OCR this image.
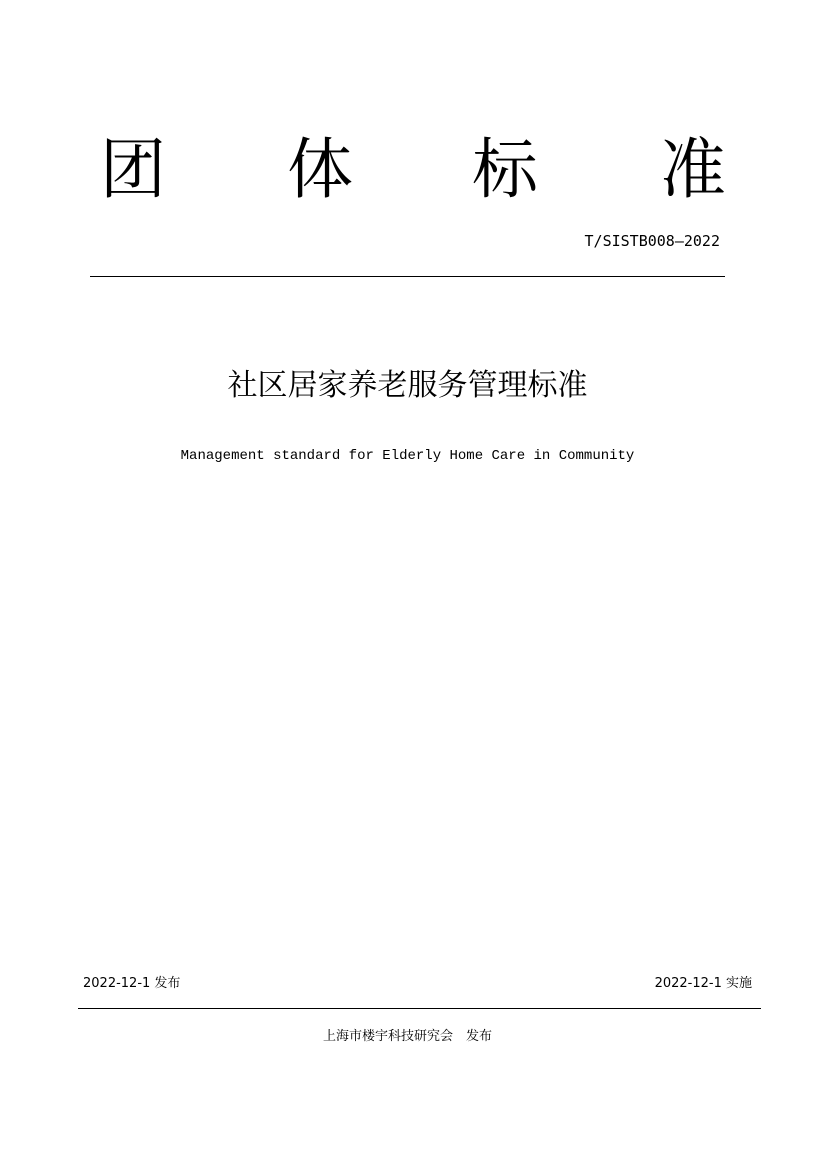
团 体 标 准
T/SISTB008—2022
社区居家养老服务管理标准
Management standard for Elderly Home Care in Community
2022-12-1 发布	2022-12-1 实施
上海市楼宇科技研究会　发布
